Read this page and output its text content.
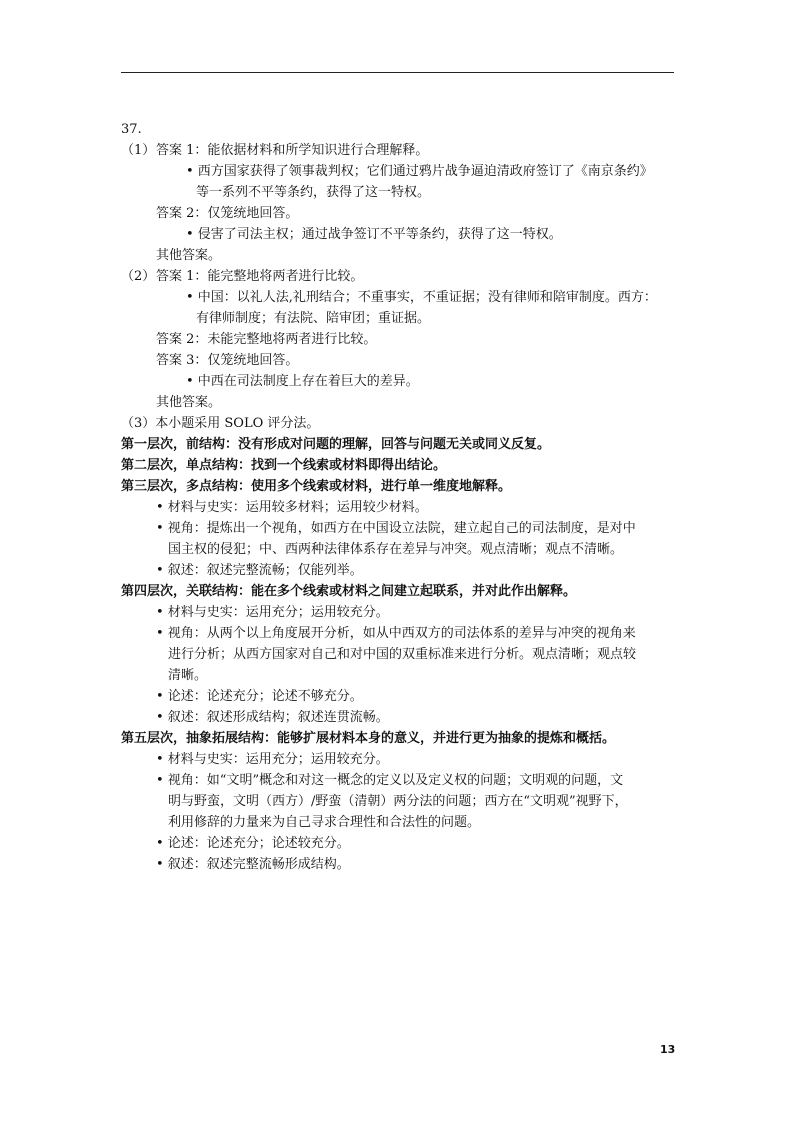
37.
（1） 答案 1：能依据材料和所学知识进行合理解释。
• 西方国家获得了领事裁判权；它们通过鸦片战争逼迫清政府签订了《南京条约》
等一系列不平等条约，获得了这一特权。
答案 2：仅笼统地回答。
• 侵害了司法主权；通过战争签订不平等条约，获得了这一特权。
其他答案。
（2） 答案 1：能完整地将两者进行比较。
• 中国：以礼人法,礼刑结合；不重事实，不重证据；没有律师和陪审制度。西方：
有律师制度；有法院、陪审团；重证据。
答案 2：未能完整地将两者进行比较。
答案 3：仅笼统地回答。
• 中西在司法制度上存在着巨大的差异。
其他答案。
（3）本小题采用 SOLO 评分法。
第一层次，前结构：没有形成对问题的理解，回答与问题无关或同义反复。
第二层次，单点结构：找到一个线索或材料即得出结论。
第三层次，多点结构：使用多个线索或材料，进行单一维度地解释。
• 材料与史实：运用较多材料；运用较少材料。
• 视角：提炼出一个视角，如西方在中国设立法院，建立起自己的司法制度，是对中
国主权的侵犯；中、西两种法律体系存在差异与冲突。观点清晰；观点不清晰。
• 叙述：叙述完整流畅；仅能列举。
第四层次，关联结构：能在多个线索或材料之间建立起联系，并对此作出解释。
• 材料与史实：运用充分；运用较充分。
• 视角：从两个以上角度展开分析，如从中西双方的司法体系的差异与冲突的视角来
进行分析；从西方国家对自己和对中国的双重标准来进行分析。观点清晰；观点较
清晰。
• 论述：论述充分；论述不够充分。
• 叙述：叙述形成结构；叙述连贯流畅。
第五层次，抽象拓展结构：能够扩展材料本身的意义，并进行更为抽象的提炼和概括。
• 材料与史实：运用充分；运用较充分。
• 视角：如“文明”概念和对这一概念的定义以及定义权的问题；文明观的问题，文
明与野蛮，文明（西方）/野蛮（清朝）两分法的问题；西方在“文明观”视野下，
利用修辞的力量来为自己寻求合理性和合法性的问题。
• 论述：论述充分；论述较充分。
• 叙述：叙述完整流畅形成结构。
13
